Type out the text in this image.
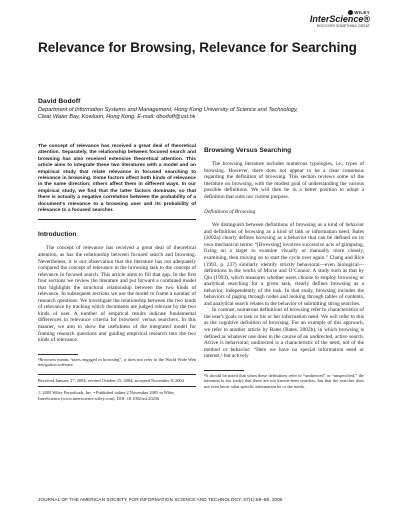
WILEY
InterScience®
DISCOVER SOMETHING GREAT
Relevance for Browsing, Relevance for Searching
David Bodoff
Department of Information Systems and Management, Hong Kong University of Science and Technology,
Clear Water Bay, Kowloon, Hong Kong. E-mail: dbodoff@ust.hk

The concept of relevance has received a great deal of theoretical attention. Separately, the relationship between focused search and browsing has also received extensive theoretical attention. This article aims to integrate these two literatures with a model and an empirical study that relate relevance in focused searching to relevance in browsing. Some factors affect both kinds of relevance in the same direction; others affect them in different ways. In our empirical study, we find that the latter factors dominate, so that there is actually a negative correlation between the probability of a document's relevance to a browsing user and its probability of relevance to a focused searcher.

Introduction

The concept of relevance has received a great deal of theoretical attention, as has the relationship between focused search and browsing. Nevertheless, it is our observation that the literature has not adequately compared the concept of relevance in the browsing task to the concept of relevance in focused search. This article aims to fill that gap. In the first four sections we review the literature and put forward a combined model that highlights the structural relationship between the two kinds of relevance. In subsequent sections we use the model to frame a number of research questions: We investigate the relationship between the two kinds of relevance by tracking which documents are judged relevant by the two kinds of user. A number of empirical results indicate fundamental differences in relevance criteria for browsers¹ versus searchers. In this manner, we aim to show the usefulness of the integrated model for framing research questions and guiding empirical research into the two kinds of relevance.

¹Browsers means “users engaged in browsing”; it does not refer to the World Wide Web navigation software.

Received January 27, 2004; revised October 15, 2004; accepted November 8, 2004

© 2005 Wiley Periodicals, Inc. • Published online 2 November 2005 in Wiley InterScience (www.interscience.wiley.com). DOI: 10.1002/asi.20256

Browsing Versus Searching

The browsing literature includes numerous typologies, i.e., types of browsing. However, there does not appear to be a clear consensus regarding the definition of browsing. This section reviews some of the literature on browsing, with the modest goal of understanding the various possible definitions. We will then be in a better position to adopt a definition that suits our current purpose.

Definitions of Browsing

We distinguish between definitions of browsing as a kind of behavior and definitions of browsing as a kind of task or information need. Bates (2002a) clearly defines browsing as a behavior that can be defined on its own mechanical terms: “[Browsing] involves successive acts of glimpsing, fixing on a target to examine visually or manually more closely, examining, then moving on to start the cycle over again.” Chang and Rice (1993, p. 237) similarly identify strictly behavioral—even biological—definitions in the works of Morse and O’Connor. A study such as that by Qiu (1993), which measures whether users choose to employ browsing or analytical searching for a given task, clearly defines browsing as a behavior, independently of the task. In that study, browsing includes the behaviors of paging through nodes and looking through tables of contents, and analytical search relates to the behavior of submitting string searches.

In contrast, numerous definitions of browsing refer to characteristics of the user's goals or task or his or her information need. We will refer to this as the cognitive definition of browsing. For an example of this approach, we refer to another article by Bates (Bates, 2002b), in which browsing is defined as whatever one does in the course of an undirected, active search. Active is behavioral; undirected is a characteristic of the need, not of the method or behavior: “Here we have no special information need or interest,² but actively

²It should be noted that when these definitions refer to “undirected” or “unspecified,” the intention is not (only) that there are not known-item searches, but that the searcher does not even know what specific information he or she needs.

JOURNAL OF THE AMERICAN SOCIETY FOR INFORMATION SCIENCE AND TECHNOLOGY, 57(1):69–88, 2006
